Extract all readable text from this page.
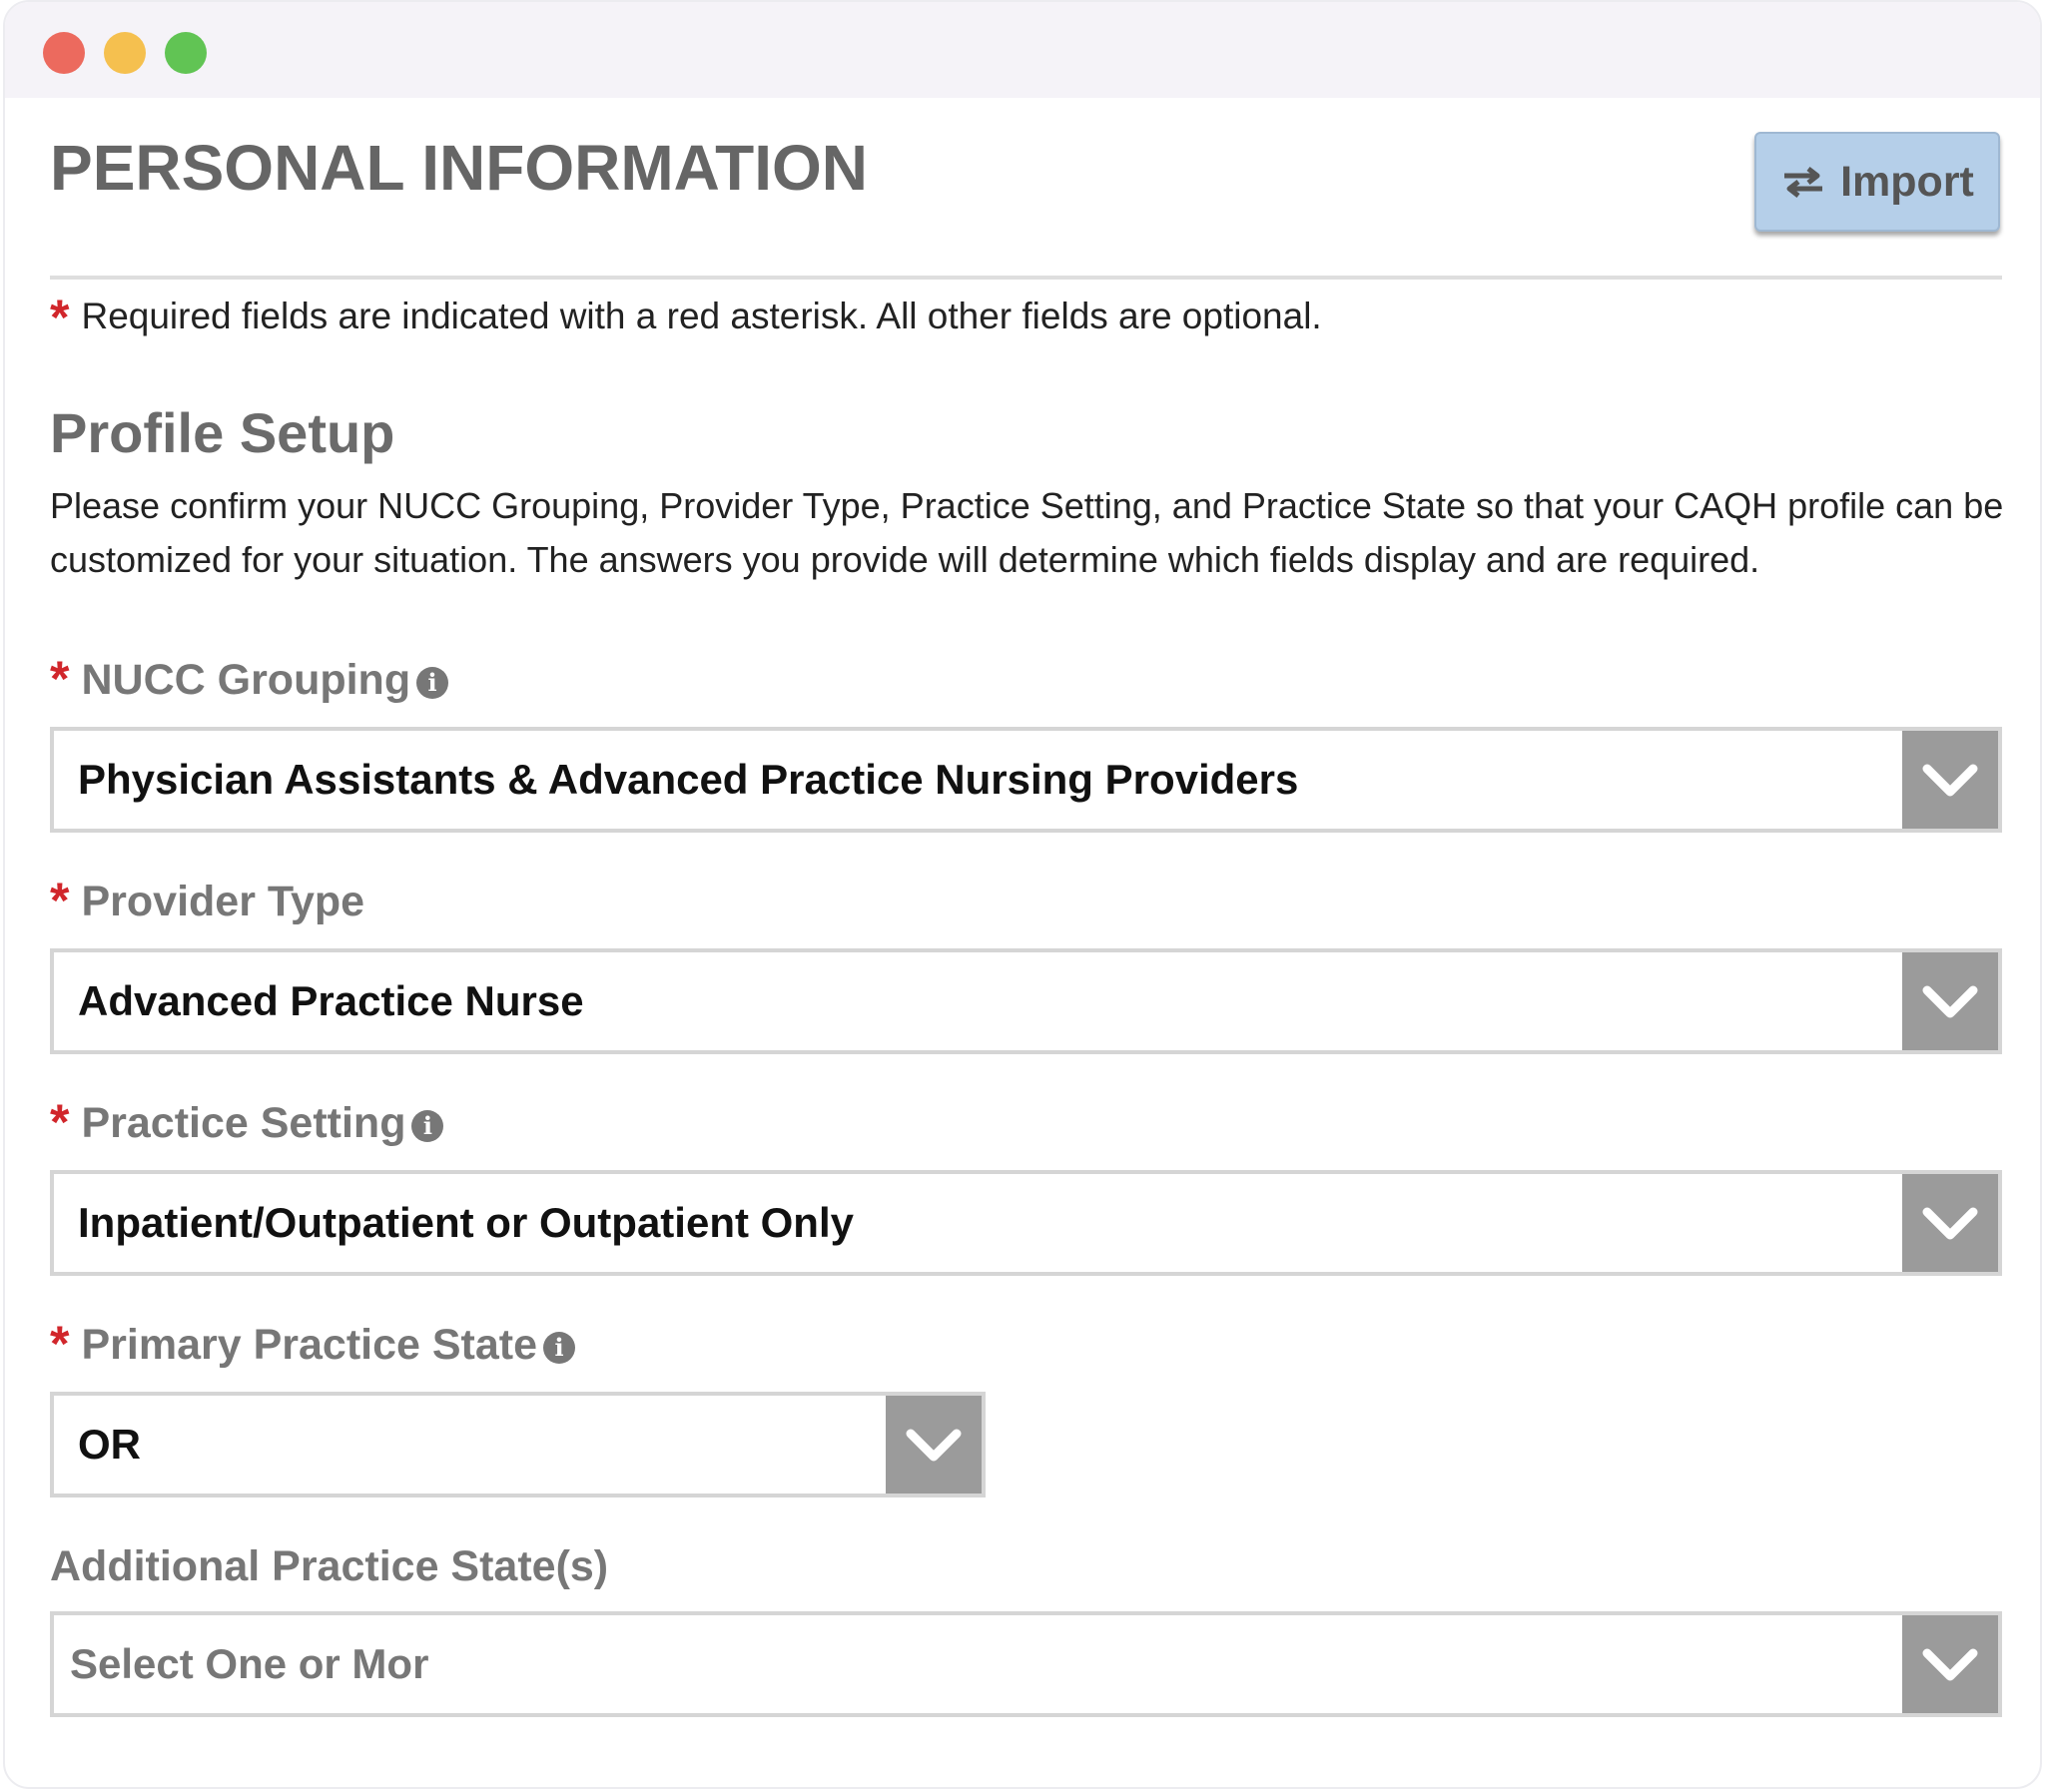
PERSONAL INFORMATION	Import
* Required fields are indicated with a red asterisk. All other fields are optional.
Profile Setup

Please confirm your NUCC Grouping, Provider Type, Practice Setting, and Practice State so that your CAQH profile can be customized for your situation. The answers you provide will determine which fields display and are required.

* NUCC Grouping i
Physician Assistants & Advanced Practice Nursing Providers
* Provider Type
Advanced Practice Nurse
* Practice Setting i
Inpatient/Outpatient or Outpatient Only
* Primary Practice State i
OR
Additional Practice State(s)
Select One or Mor
